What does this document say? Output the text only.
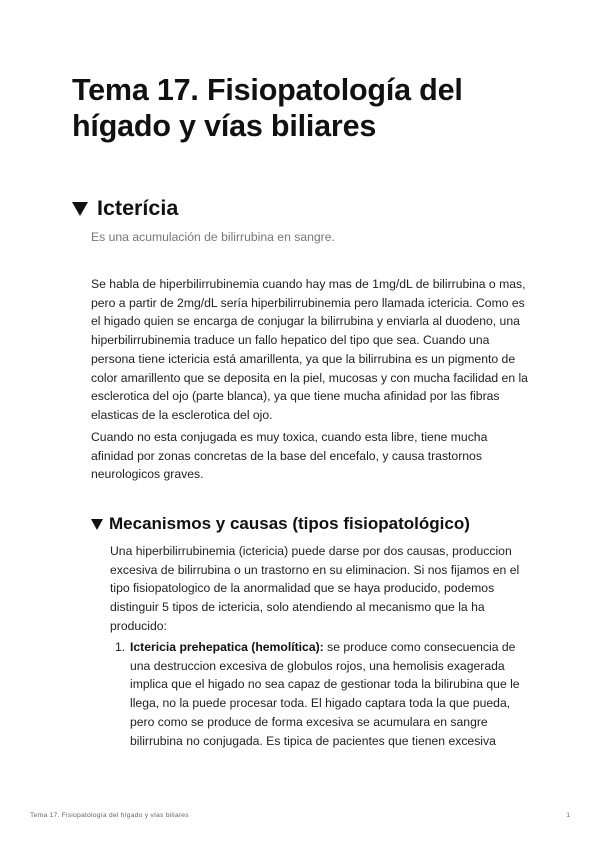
Tema 17. Fisiopatología del hígado y vías biliares
Icterícia
Es una acumulación de bilirrubina en sangre.

Se habla de hiperbilirrubinemia cuando hay mas de 1mg/dL de bilirrubina o mas, pero a partir de 2mg/dL sería hiperbilirrubinemia pero llamada ictericia. Como es el higado quien se encarga de conjugar la bilirrubina y enviarla al duodeno, una hiperbilirrubinemia traduce un fallo hepatico del tipo que sea. Cuando una persona tiene ictericia está amarillenta, ya que la bilirrubina es un pigmento de color amarillento que se deposita en la piel, mucosas y con mucha facilidad en la esclerotica del ojo (parte blanca), ya que tiene mucha afinidad por las fibras elasticas de la esclerotica del ojo.

Cuando no esta conjugada es muy toxica, cuando esta libre, tiene mucha afinidad por zonas concretas de la base del encefalo, y causa trastornos neurologicos graves.

Mecanismos y causas (tipos fisiopatológico)

Una hiperbilirrubinemia (ictericia) puede darse por dos causas, produccion excesiva de bilirrubina o un trastorno en su eliminacion. Si nos fijamos en el tipo fisiopatologico de la anormalidad que se haya producido, podemos distinguir 5 tipos de ictericia, solo atendiendo al mecanismo que la ha producido:

1. Ictericia prehepatica (hemolítica): se produce como consecuencia de una destruccion excesiva de globulos rojos, una hemolisis exagerada implica que el higado no sea capaz de gestionar toda la bilirubina que le llega, no la puede procesar toda. El higado captara toda la que pueda, pero como se produce de forma excesiva se acumulara en sangre bilirrubina no conjugada. Es tipica de pacientes que tienen excesiva
Tema 17. Fisiopatología del hígado y vías biliares	1
